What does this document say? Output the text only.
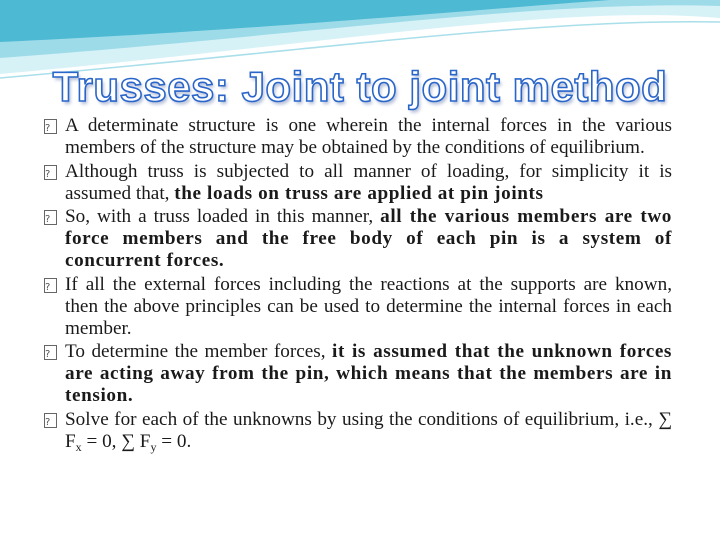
Trusses: Joint to joint method
?
A determinate structure is one wherein the internal forces in the various members of the structure may be obtained by the conditions of equilibrium.
?
Although truss is subjected to all manner of loading, for simplicity it is assumed that, the loads on truss are applied at pin joints
?
So, with a truss loaded in this manner, all the various members are two force members and the free body of each pin is a system of concurrent forces.
?
If all the external forces including the reactions at the supports are known, then the above principles can be used to determine the internal forces in each member.
?
To determine the member forces, it is assumed that the unknown forces are acting away from the pin, which means that the members are in tension.
?
Solve for each of the unknowns by using the conditions of equilibrium, i.e., ∑ $F_x = 0$, ∑ $F_y = 0$.
